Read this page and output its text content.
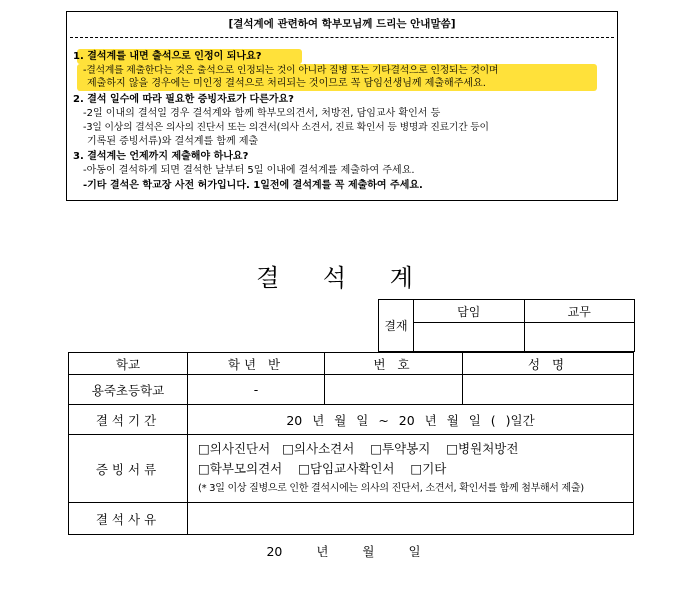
[결석계에 관련하여 학부모님께 드리는 안내말씀]
1. 결석계를 내면 출석으로 인정이 되나요?
-결석계를 제출한다는 것은 출석으로 인정되는 것이 아니라 질병 또는 기타결석으로 인정되는 것이며
제출하지 않을 경우에는 미인정 결석으로 처리되는 것이므로 꼭 담임선생님께 제출해주세요.
2. 결석 일수에 따라 필요한 증빙자료가 다른가요?
-2일 이내의 결석일 경우 결석계와 함께 학부모의견서, 처방전, 담임교사 확인서 등
-3일 이상의 결석은 의사의 진단서 또는 의견서(의사 소견서, 진료 확인서 등 병명과 진료기간 등이
기록된 증빙서류)와 결석계를 함께 제출
3. 결석계는 언제까지 제출해야 하나요?
-아동이 결석하게 되면 결석한 날부터 5일 이내에 결석계를 제출하여 주세요.
-기타 결석은 학교장 사전 허가입니다. 1일전에 결석계를 꼭 제출하여 주세요.
결 석 계
결재	담임	교무

학교	학년 반	번 호	성 명
용죽초등학교	-		
결석기간	20 년 월 일 ~ 20 년 월 일 ( )일간		
증빙서류	□의사진단서 □의사소견서 □투약봉지 □병원처방전
□학부모의견서 □담임교사확인서 □기타
(* 3일 이상 질병으로 인한 결석시에는 의사의 진단서, 소견서, 확인서를 함께 첨부해서 제출)		

결석사유			
20 년 월 일
